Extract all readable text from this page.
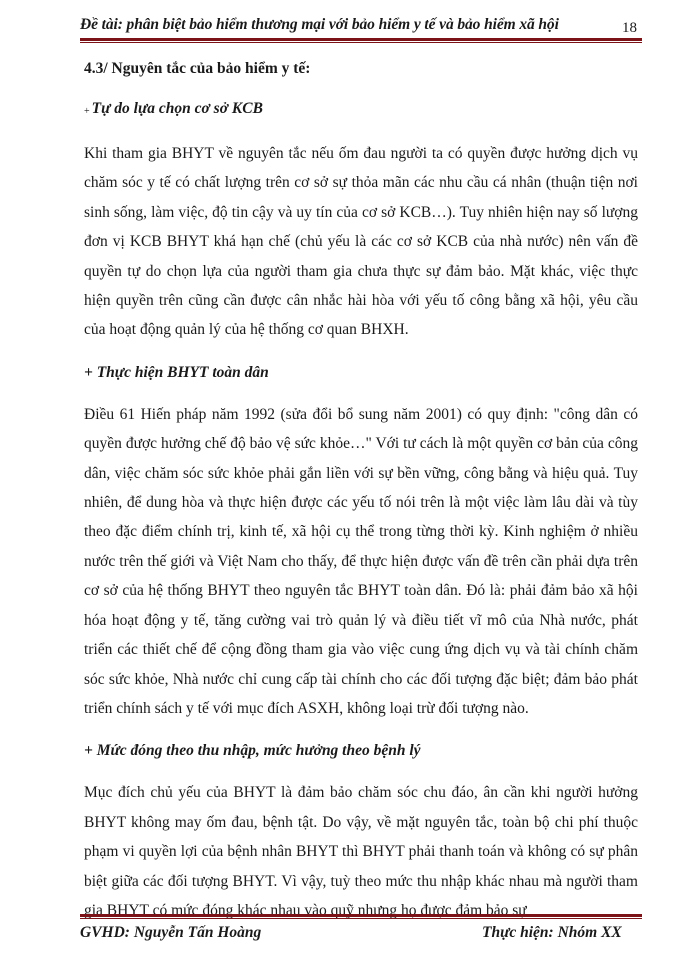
Đề tài: phân biệt bảo hiểm thương mại với bảo hiểm y tế và bảo hiểm xã hội	18
4.3/ Nguyên tắc của bảo hiểm y tế:
+ Tự do lựa chọn cơ sở KCB

Khi tham gia BHYT về nguyên tắc nếu ốm đau người ta có quyền được hưởng dịch vụ chăm sóc y tế có chất lượng trên cơ sở sự thỏa mãn các nhu cầu cá nhân (thuận tiện nơi sinh sống, làm việc, độ tin cậy và uy tín của cơ sở KCB…). Tuy nhiên hiện nay số lượng đơn vị KCB BHYT khá hạn chế (chủ yếu là các cơ sở KCB của nhà nước) nên vấn đề quyền tự do chọn lựa của người tham gia chưa thực sự đảm bảo. Mặt khác, việc thực hiện quyền trên cũng cần được cân nhắc hài hòa với yếu tố công bằng xã hội, yêu cầu của hoạt động quản lý của hệ thống cơ quan BHXH.

+ Thực hiện BHYT toàn dân

Điều 61 Hiến pháp năm 1992 (sửa đổi bổ sung năm 2001) có quy định: "công dân có quyền được hưởng chế độ bảo vệ sức khỏe…" Với tư cách là một quyền cơ bản của công dân, việc chăm sóc sức khỏe phải gắn liền với sự bền vững, công bằng và hiệu quả. Tuy nhiên, để dung hòa và thực hiện được các yếu tố nói trên là một việc làm lâu dài và tùy theo đặc điểm chính trị, kinh tế, xã hội cụ thể trong từng thời kỳ. Kinh nghiệm ở nhiều nước trên thế giới và Việt Nam cho thấy, để thực hiện được vấn đề trên cần phải dựa trên cơ sở của hệ thống BHYT theo nguyên tắc BHYT toàn dân. Đó là: phải đảm bảo xã hội hóa hoạt động y tế, tăng cường vai trò quản lý và điều tiết vĩ mô của Nhà nước, phát triển các thiết chế để cộng đồng tham gia vào việc cung ứng dịch vụ và tài chính chăm sóc sức khỏe, Nhà nước chỉ cung cấp tài chính cho các đối tượng đặc biệt; đảm bảo phát triển chính sách y tế với mục đích ASXH, không loại trừ đối tượng nào.

+ Mức đóng theo thu nhập, mức hưởng theo bệnh lý

Mục đích chủ yếu của BHYT là đảm bảo chăm sóc chu đáo, ân cần khi người hưởng BHYT không may ốm đau, bệnh tật. Do vậy, về mặt nguyên tắc, toàn bộ chi phí thuộc phạm vi quyền lợi của bệnh nhân BHYT thì BHYT phải thanh toán và không có sự phân biệt giữa các đối tượng BHYT. Vì vậy, tuỳ theo mức thu nhập khác nhau mà người tham gia BHYT có mức đóng khác nhau vào quỹ nhưng họ được đảm bảo sự

GVHD: Nguyễn Tấn Hoàng	Thực hiện: Nhóm XX
